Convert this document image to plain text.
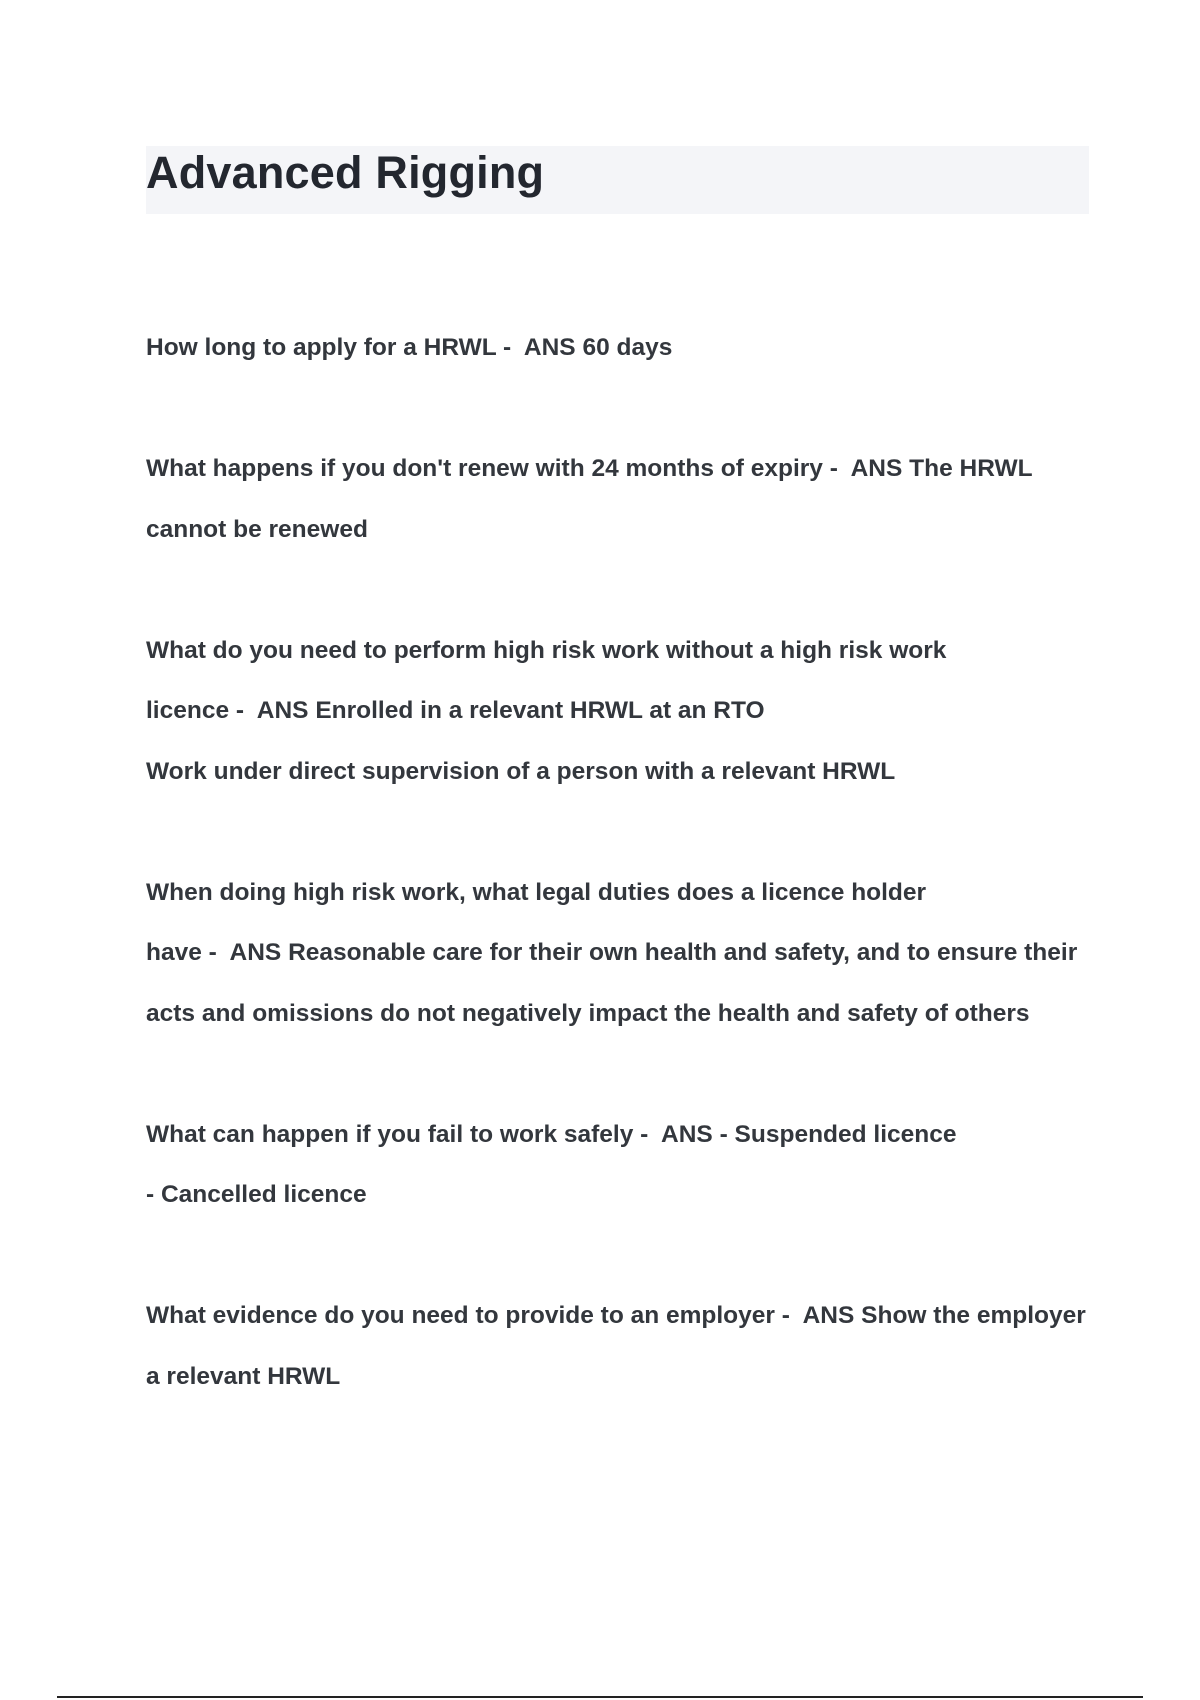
Advanced Rigging

How long to apply for a HRWL -  ANS 60 days

What happens if you don't renew with 24 months of expiry -  ANS The HRWL cannot be renewed

What do you need to perform high risk work without a high risk work licence -  ANS Enrolled in a relevant HRWL at an RTO
Work under direct supervision of a person with a relevant HRWL

When doing high risk work, what legal duties does a licence holder have -  ANS Reasonable care for their own health and safety, and to ensure their acts and omissions do not negatively impact the health and safety of others

What can happen if you fail to work safely -  ANS - Suspended licence
- Cancelled licence

What evidence do you need to provide to an employer -  ANS Show the employer a relevant HRWL
